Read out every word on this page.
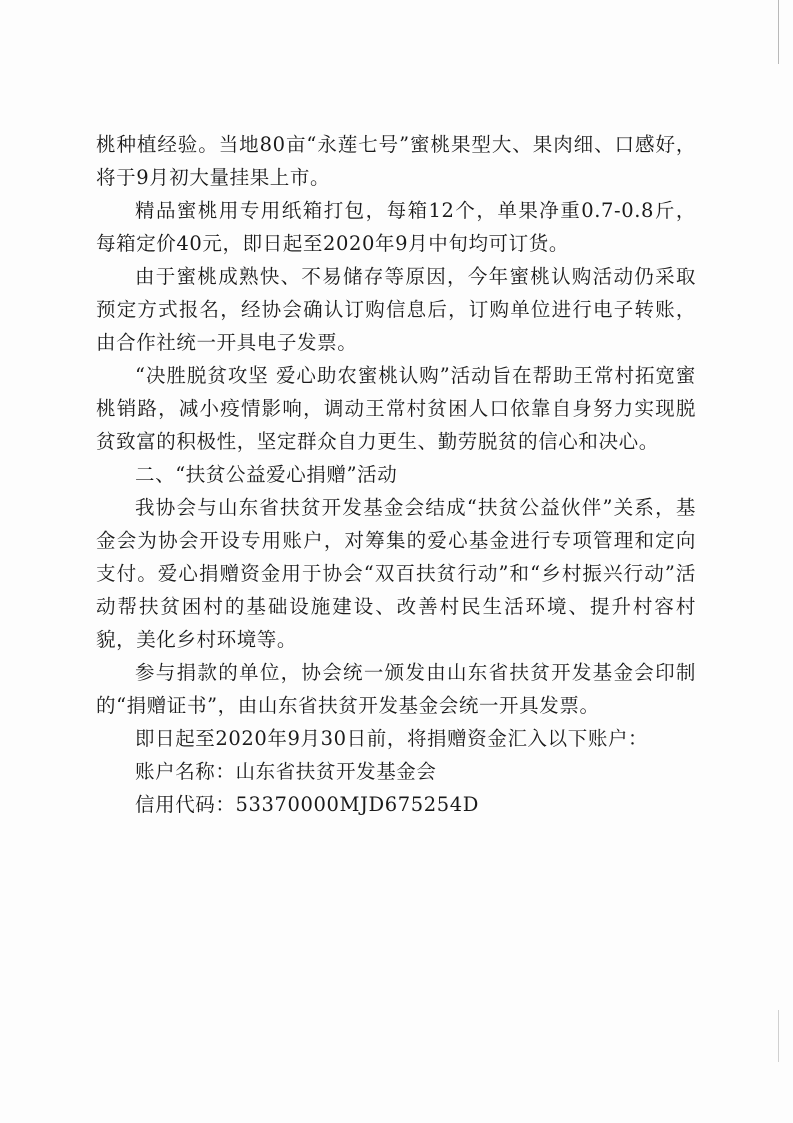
桃种植经验。当地80亩“永莲七号”蜜桃果型大、果肉细、口感好，将于9月初大量挂果上市。

精品蜜桃用专用纸箱打包，每箱12个，单果净重0.7-0.8斤，每箱定价40元，即日起至2020年9月中旬均可订货。

由于蜜桃成熟快、不易储存等原因，今年蜜桃认购活动仍采取预定方式报名，经协会确认订购信息后，订购单位进行电子转账，由合作社统一开具电子发票。

“决胜脱贫攻坚 爱心助农蜜桃认购”活动旨在帮助王常村拓宽蜜桃销路，减小疫情影响，调动王常村贫困人口依靠自身努力实现脱贫致富的积极性，坚定群众自力更生、勤劳脱贫的信心和决心。

二、“扶贫公益爱心捐赠”活动

我协会与山东省扶贫开发基金会结成“扶贫公益伙伴”关系，基金会为协会开设专用账户，对筹集的爱心基金进行专项管理和定向支付。爱心捐赠资金用于协会“双百扶贫行动”和“乡村振兴行动”活动帮扶贫困村的基础设施建设、改善村民生活环境、提升村容村貌，美化乡村环境等。

参与捐款的单位，协会统一颁发由山东省扶贫开发基金会印制的“捐赠证书”，由山东省扶贫开发基金会统一开具发票。

即日起至2020年9月30日前，将捐赠资金汇入以下账户：

账户名称：山东省扶贫开发基金会

信用代码：53370000MJD675254D
